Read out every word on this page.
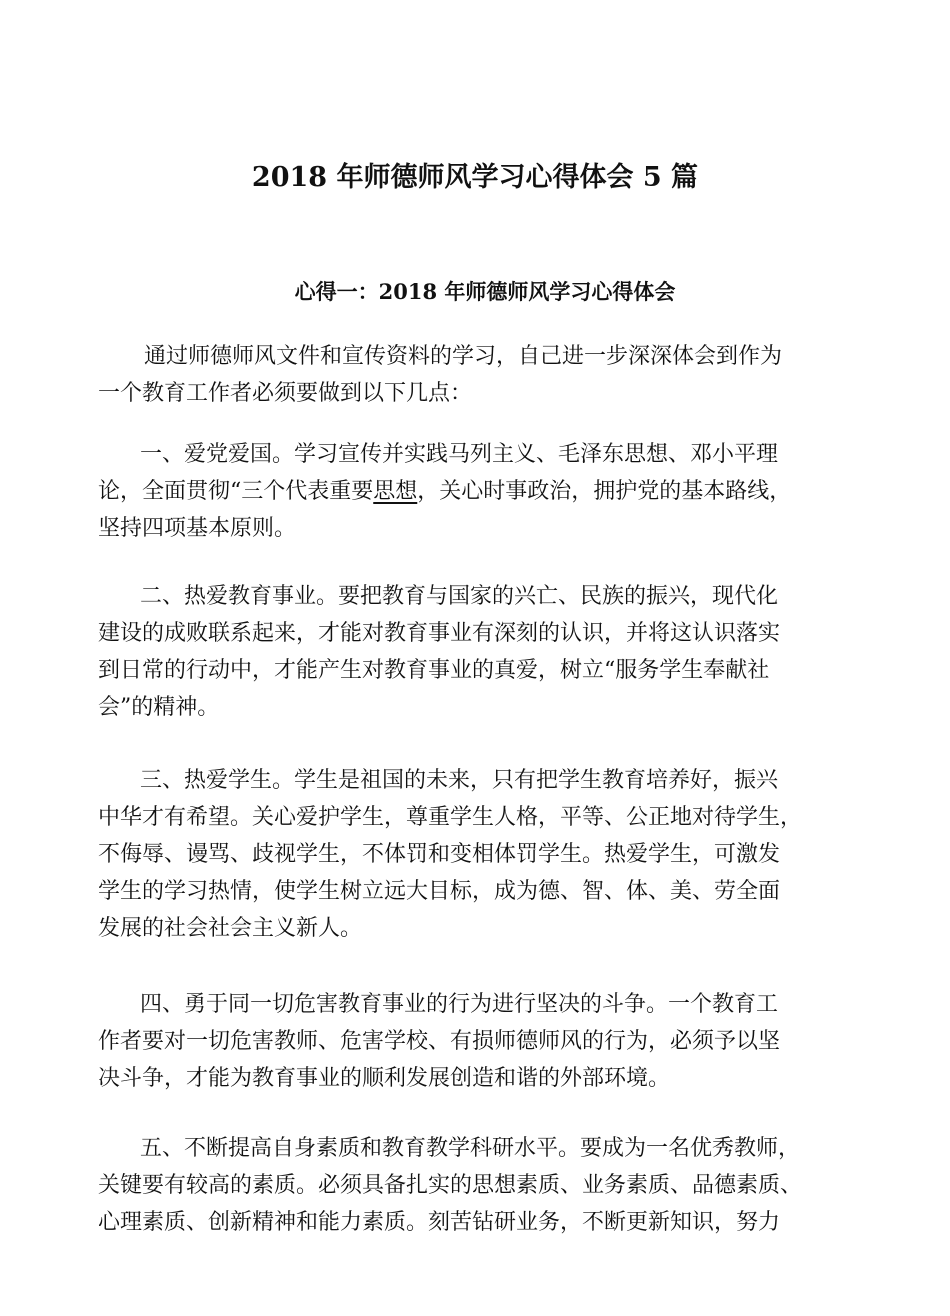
2018 年师德师风学习心得体会 5 篇
心得一：2018 年师德师风学习心得体会
通过师德师风文件和宣传资料的学习，自己进一步深深体会到作为
一个教育工作者必须要做到以下几点：
一、爱党爱国。学习宣传并实践马列主义、毛泽东思想、邓小平理
论，全面贯彻“三个代表重要思想，关心时事政治，拥护党的基本路线，
坚持四项基本原则。
二、热爱教育事业。要把教育与国家的兴亡、民族的振兴，现代化
建设的成败联系起来，才能对教育事业有深刻的认识，并将这认识落实
到日常的行动中，才能产生对教育事业的真爱，树立“服务学生奉献社
会”的精神。
三、热爱学生。学生是祖国的未来，只有把学生教育培养好，振兴
中华才有希望。关心爱护学生，尊重学生人格，平等、公正地对待学生，
不侮辱、谩骂、歧视学生，不体罚和变相体罚学生。热爱学生，可激发
学生的学习热情，使学生树立远大目标，成为德、智、体、美、劳全面
发展的社会社会主义新人。
四、勇于同一切危害教育事业的行为进行坚决的斗争。一个教育工
作者要对一切危害教师、危害学校、有损师德师风的行为，必须予以坚
决斗争，才能为教育事业的顺利发展创造和谐的外部环境。
五、不断提高自身素质和教育教学科研水平。要成为一名优秀教师，
关键要有较高的素质。必须具备扎实的思想素质、业务素质、品德素质、
心理素质、创新精神和能力素质。刻苦钻研业务，不断更新知识，努力
